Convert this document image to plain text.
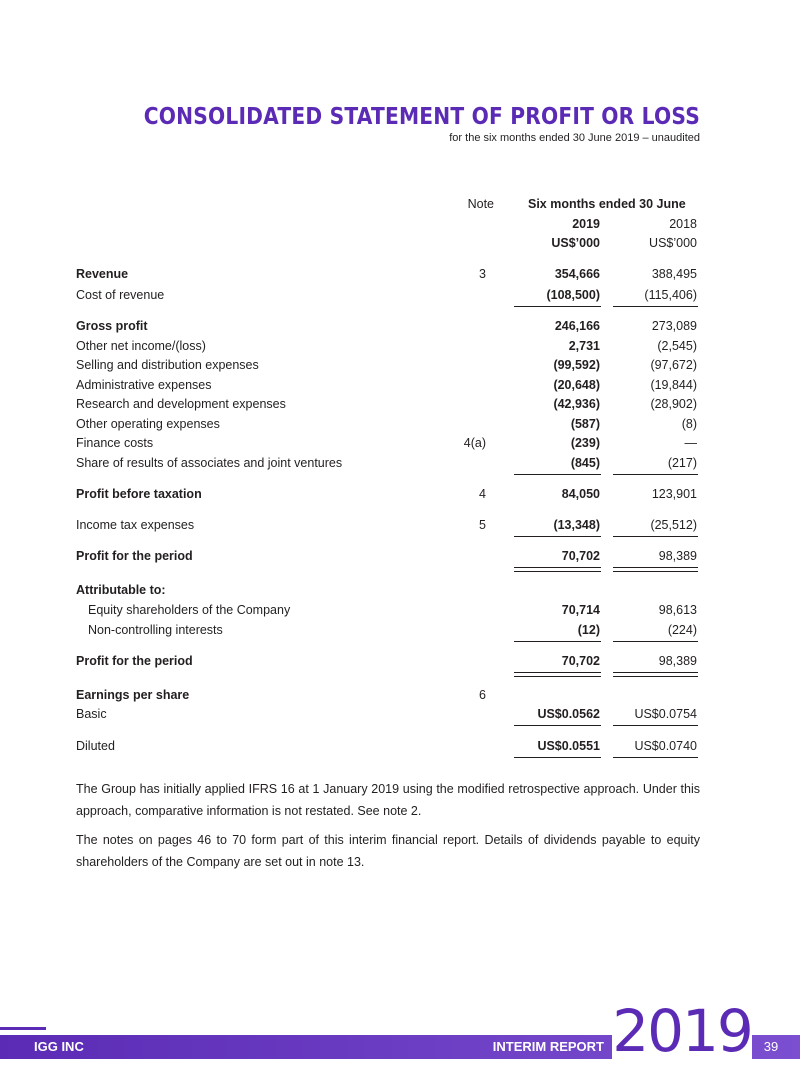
CONSOLIDATED STATEMENT OF PROFIT OR LOSS
for the six months ended 30 June 2019 – unaudited
Note	Six months ended 30 June
2019	2018
US$’000	US$’000
Revenue	3	354,666	388,495
Cost of revenue	(108,500)	(115,406)
Gross profit	246,166	273,089
Other net income/(loss)	2,731	(2,545)
Selling and distribution expenses	(99,592)	(97,672)
Administrative expenses	(20,648)	(19,844)
Research and development expenses	(42,936)	(28,902)
Other operating expenses	(587)	(8)
Finance costs	4(a)	(239)	—
Share of results of associates and joint ventures	(845)	(217)
Profit before taxation	4	84,050	123,901
Income tax expenses	5	(13,348)	(25,512)
Profit for the period	70,702	98,389
Attributable to:
Equity shareholders of the Company	70,714	98,613
Non-controlling interests	(12)	(224)
Profit for the period	70,702	98,389
Earnings per share	6
Basic	US$0.0562	US$0.0754
Diluted	US$0.0551	US$0.0740

The Group has initially applied IFRS 16 at 1 January 2019 using the modified retrospective approach. Under this approach, comparative information is not restated. See note 2.

The notes on pages 46 to 70 form part of this interim financial report. Details of dividends payable to equity shareholders of the Company are set out in note 13.

IGG INC	INTERIM REPORT 2019 39
